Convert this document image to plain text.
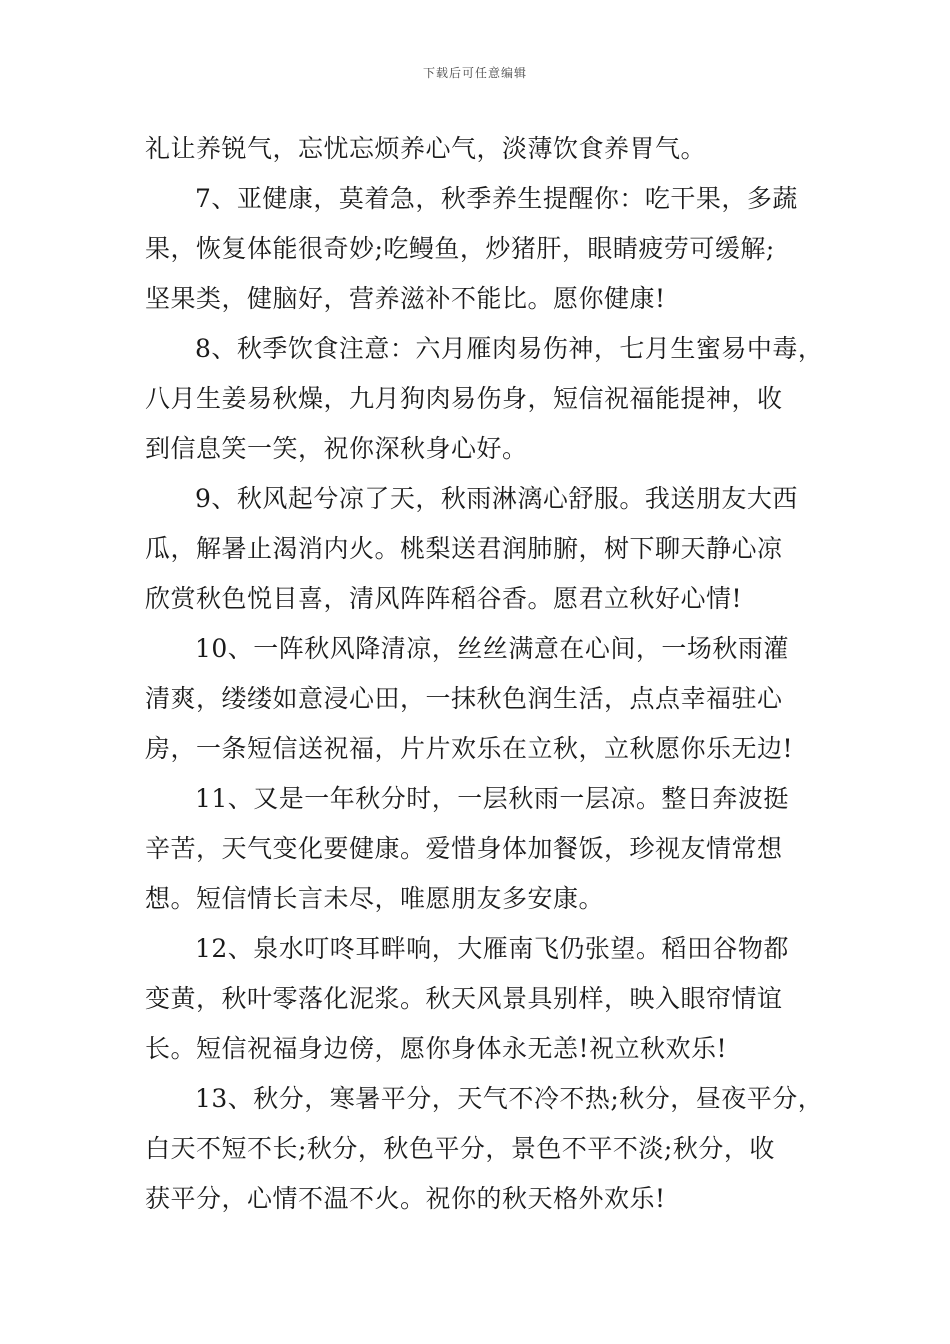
下载后可任意编辑
礼让养锐气，忘忧忘烦养心气，淡薄饮食养胃气。
7、亚健康，莫着急，秋季养生提醒你：吃干果，多蔬
果，恢复体能很奇妙;吃鳗鱼，炒猪肝，眼睛疲劳可缓解;
坚果类，健脑好，营养滋补不能比。愿你健康!
8、秋季饮食注意：六月雁肉易伤神，七月生蜜易中毒，
八月生姜易秋燥，九月狗肉易伤身，短信祝福能提神，收
到信息笑一笑，祝你深秋身心好。
9、秋风起兮凉了天，秋雨淋漓心舒服。我送朋友大西
瓜，解暑止渴消内火。桃梨送君润肺腑，树下聊天静心凉
欣赏秋色悦目喜，清风阵阵稻谷香。愿君立秋好心情!
10、一阵秋风降清凉，丝丝满意在心间，一场秋雨灌
清爽，缕缕如意浸心田，一抹秋色润生活，点点幸福驻心
房，一条短信送祝福，片片欢乐在立秋，立秋愿你乐无边!
11、又是一年秋分时，一层秋雨一层凉。整日奔波挺
辛苦，天气变化要健康。爱惜身体加餐饭，珍视友情常想
想。短信情长言未尽，唯愿朋友多安康。
12、泉水叮咚耳畔响，大雁南飞仍张望。稻田谷物都
变黄，秋叶零落化泥浆。秋天风景具别样，映入眼帘情谊
长。短信祝福身边傍，愿你身体永无恙!祝立秋欢乐!
13、秋分，寒暑平分，天气不冷不热;秋分，昼夜平分，
白天不短不长;秋分，秋色平分，景色不平不淡;秋分，收
获平分，心情不温不火。祝你的秋天格外欢乐!
